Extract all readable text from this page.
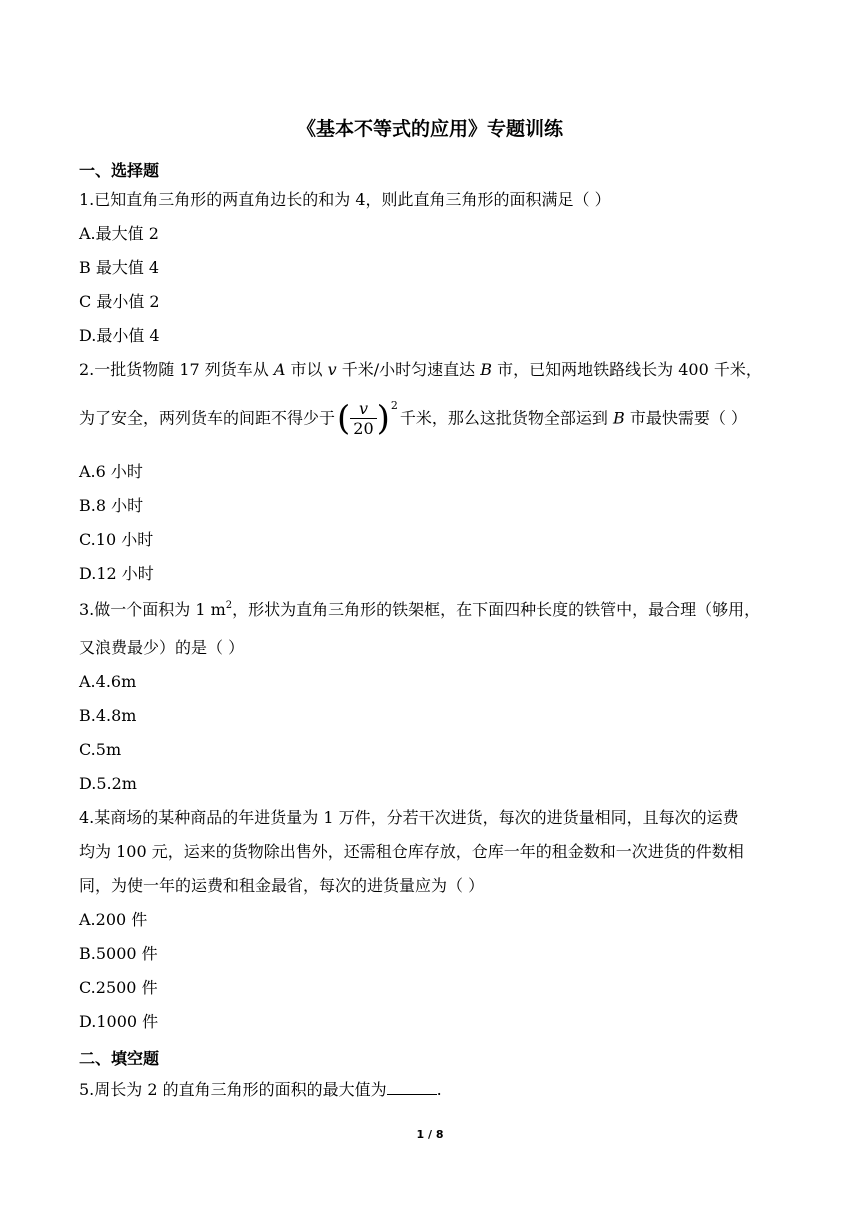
《基本不等式的应用》专题训练
一、选择题
1.已知直角三角形的两直角边长的和为 4，则此直角三角形的面积满足（ ）
A.最大值 2
B 最大值 4
C 最小值 2
D.最小值 4
2.一批货物随 17 列货车从 A 市以 v 千米/小时匀速直达 B 市，已知两地铁路线长为 400 千米，
为了安全，两列货车的间距不得少于( $\frac{v}{20} )^2$千米，那么这批货物全部运到 B 市最快需要（ ）
A.6 小时
B.8 小时
C.10 小时
D.12 小时
3.做一个面积为 1 $m^2$，形状为直角三角形的铁架框，在下面四种长度的铁管中，最合理（够用，
又浪费最少）的是（ ）
A.4.6m
B.4.8m
C.5m
D.5.2m
4.某商场的某种商品的年进货量为 1 万件，分若干次进货，每次的进货量相同，且每次的运费
均为 100 元，运来的货物除出售外，还需租仓库存放，仓库一年的租金数和一次进货的件数相
同，为使一年的运费和租金最省，每次的进货量应为（ ）
A.200 件
B.5000 件
C.2500 件
D.1000 件
二、填空题
5.周长为 2 的直角三角形的面积的最大值为	.
1 / 8
